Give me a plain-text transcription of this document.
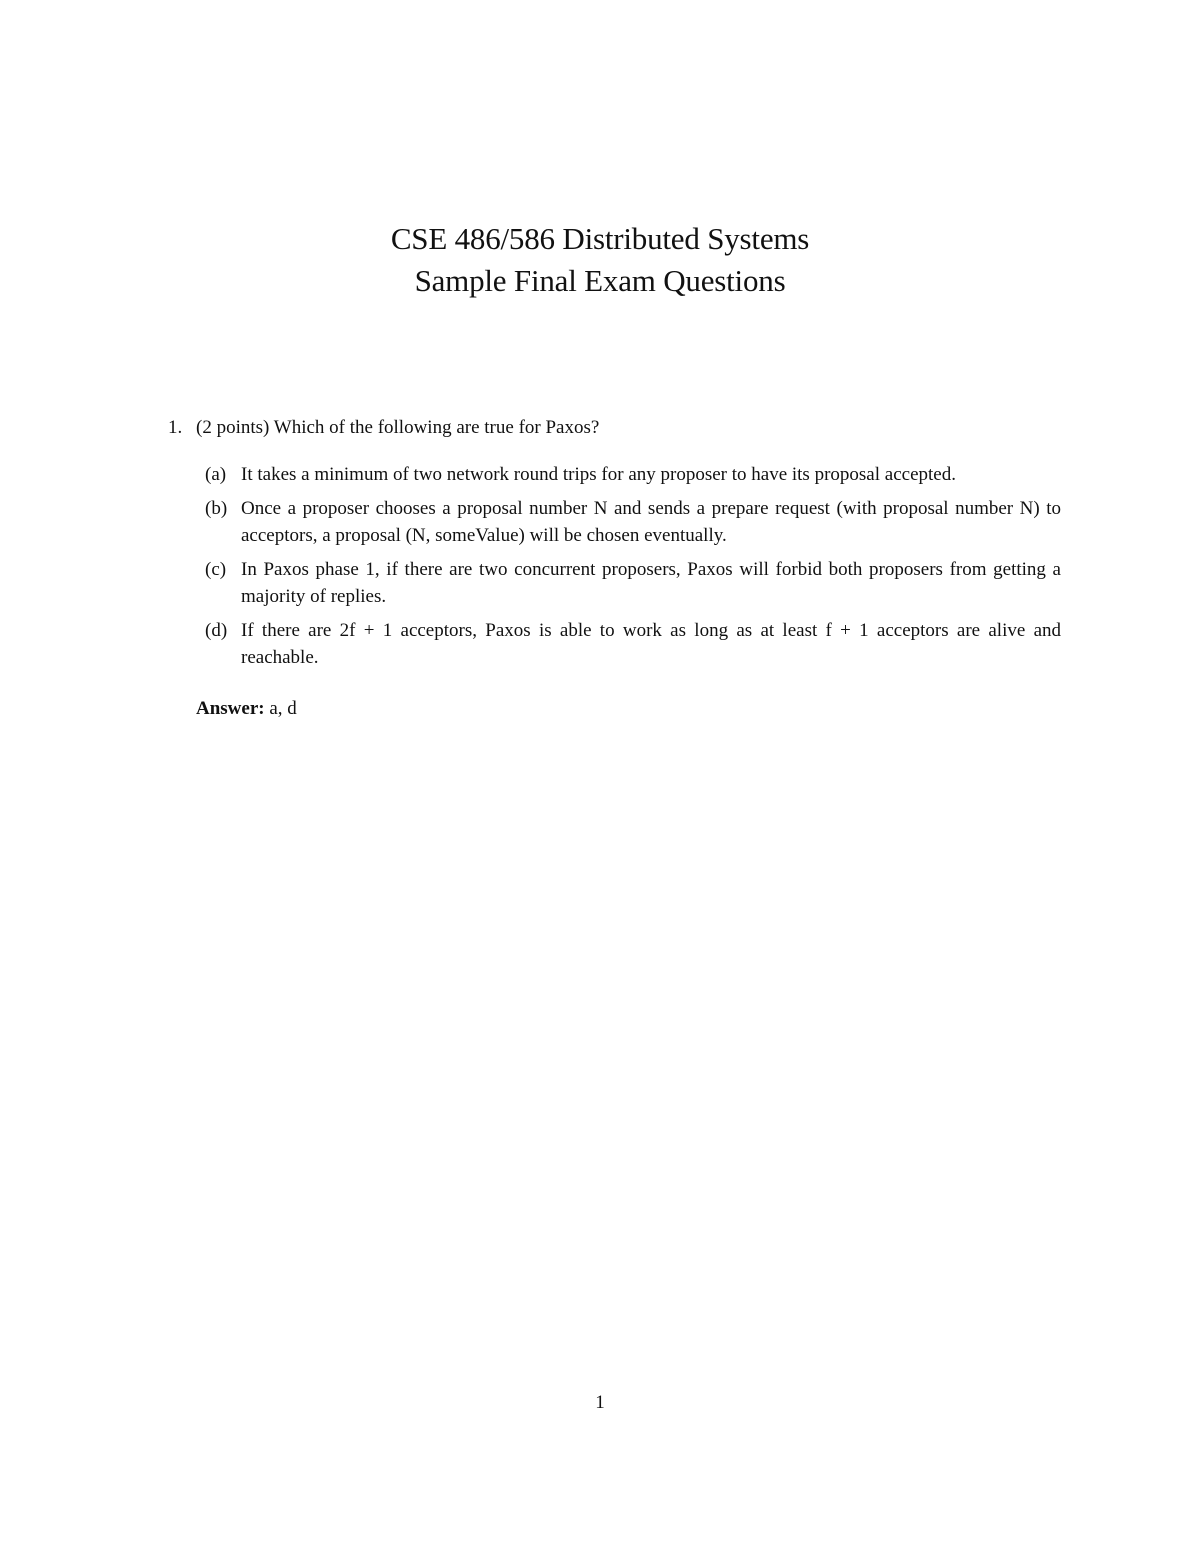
CSE 486/586 Distributed Systems
Sample Final Exam Questions
1. (2 points) Which of the following are true for Paxos?
(a) It takes a minimum of two network round trips for any proposer to have its proposal accepted.
(b) Once a proposer chooses a proposal number N and sends a prepare request (with proposal number N) to acceptors, a proposal (N, someValue) will be chosen eventually.
(c) In Paxos phase 1, if there are two concurrent proposers, Paxos will forbid both proposers from getting a majority of replies.
(d) If there are 2f + 1 acceptors, Paxos is able to work as long as at least f + 1 acceptors are alive and reachable.
Answer: a, d
1
